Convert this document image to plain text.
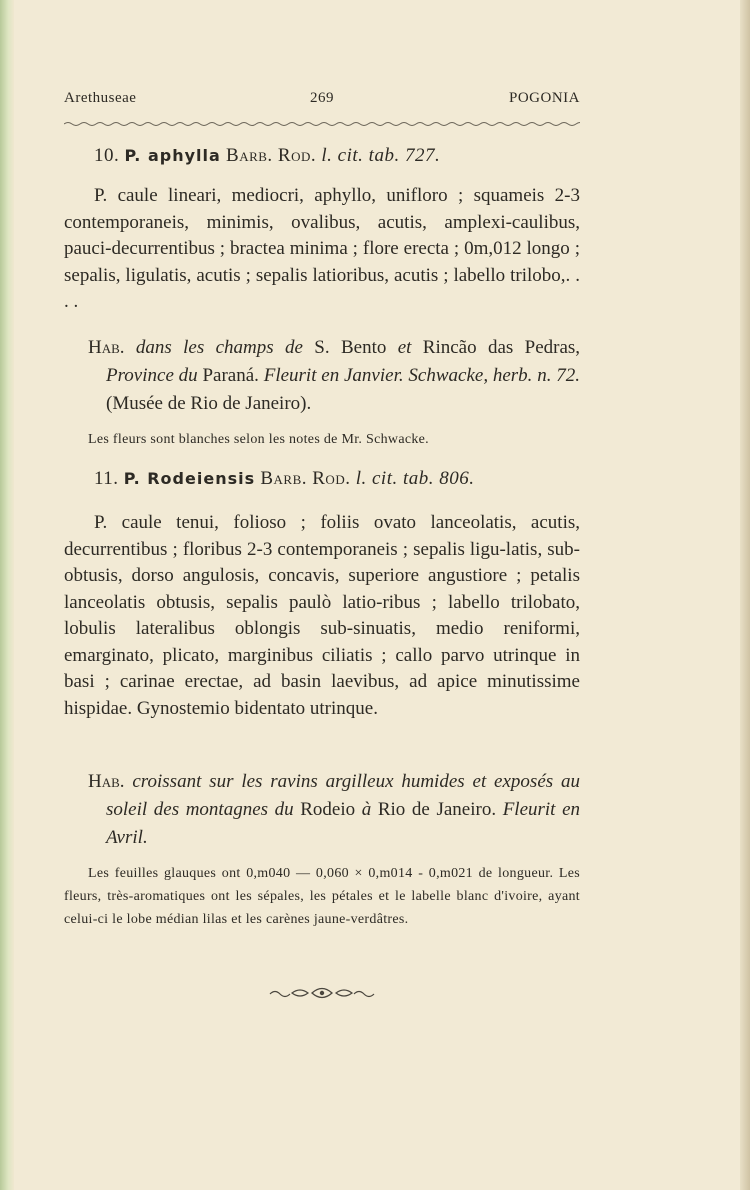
Arethuseae	269	POGONIA
10. P. aphylla Barb. Rod. l. cit. tab. 727.

P. caule lineari, mediocri, aphyllo, unifloro ; squameis 2-3 contemporaneis, minimis, ovalibus, acutis, amplexi-caulibus, pauci-decurrentibus ; bractea minima ; flore erecta ; 0m,012 longo ; sepalis, ligulatis, acutis ; sepalis latioribus, acutis ; labello trilobo,. . . .

Hab. dans les champs de S. Bento et Rincão das Pedras, Province du Paraná. Fleurit en Janvier. Schwacke, herb. n. 72. (Musée de Rio de Janeiro).

Les fleurs sont blanches selon les notes de Mr. Schwacke.

11. P. Rodeiensis Barb. Rod. l. cit. tab. 806.

P. caule tenui, folioso ; foliis ovato lanceolatis, acutis, decurrentibus ; floribus 2-3 contemporaneis ; sepalis ligu-latis, sub-obtusis, dorso angulosis, concavis, superiore angustiore ; petalis lanceolatis obtusis, sepalis paulò latio-ribus ; labello trilobato, lobulis lateralibus oblongis sub-sinuatis, medio reniformi, emarginato, plicato, marginibus ciliatis ; callo parvo utrinque in basi ; carinae erectae, ad basin laevibus, ad apice minutissime hispidae. Gynostemio bidentato utrinque.

Hab. croissant sur les ravins argilleux humides et exposés au soleil des montagnes du Rodeio à Rio de Janeiro. Fleurit en Avril.

Les feuilles glauques ont 0,m040 — 0,060 × 0,m014 - 0,m021 de longueur. Les fleurs, très-aromatiques ont les sépales, les pétales et le labelle blanc d'ivoire, ayant celui-ci le lobe médian lilas et les carènes jaune-verdâtres.
